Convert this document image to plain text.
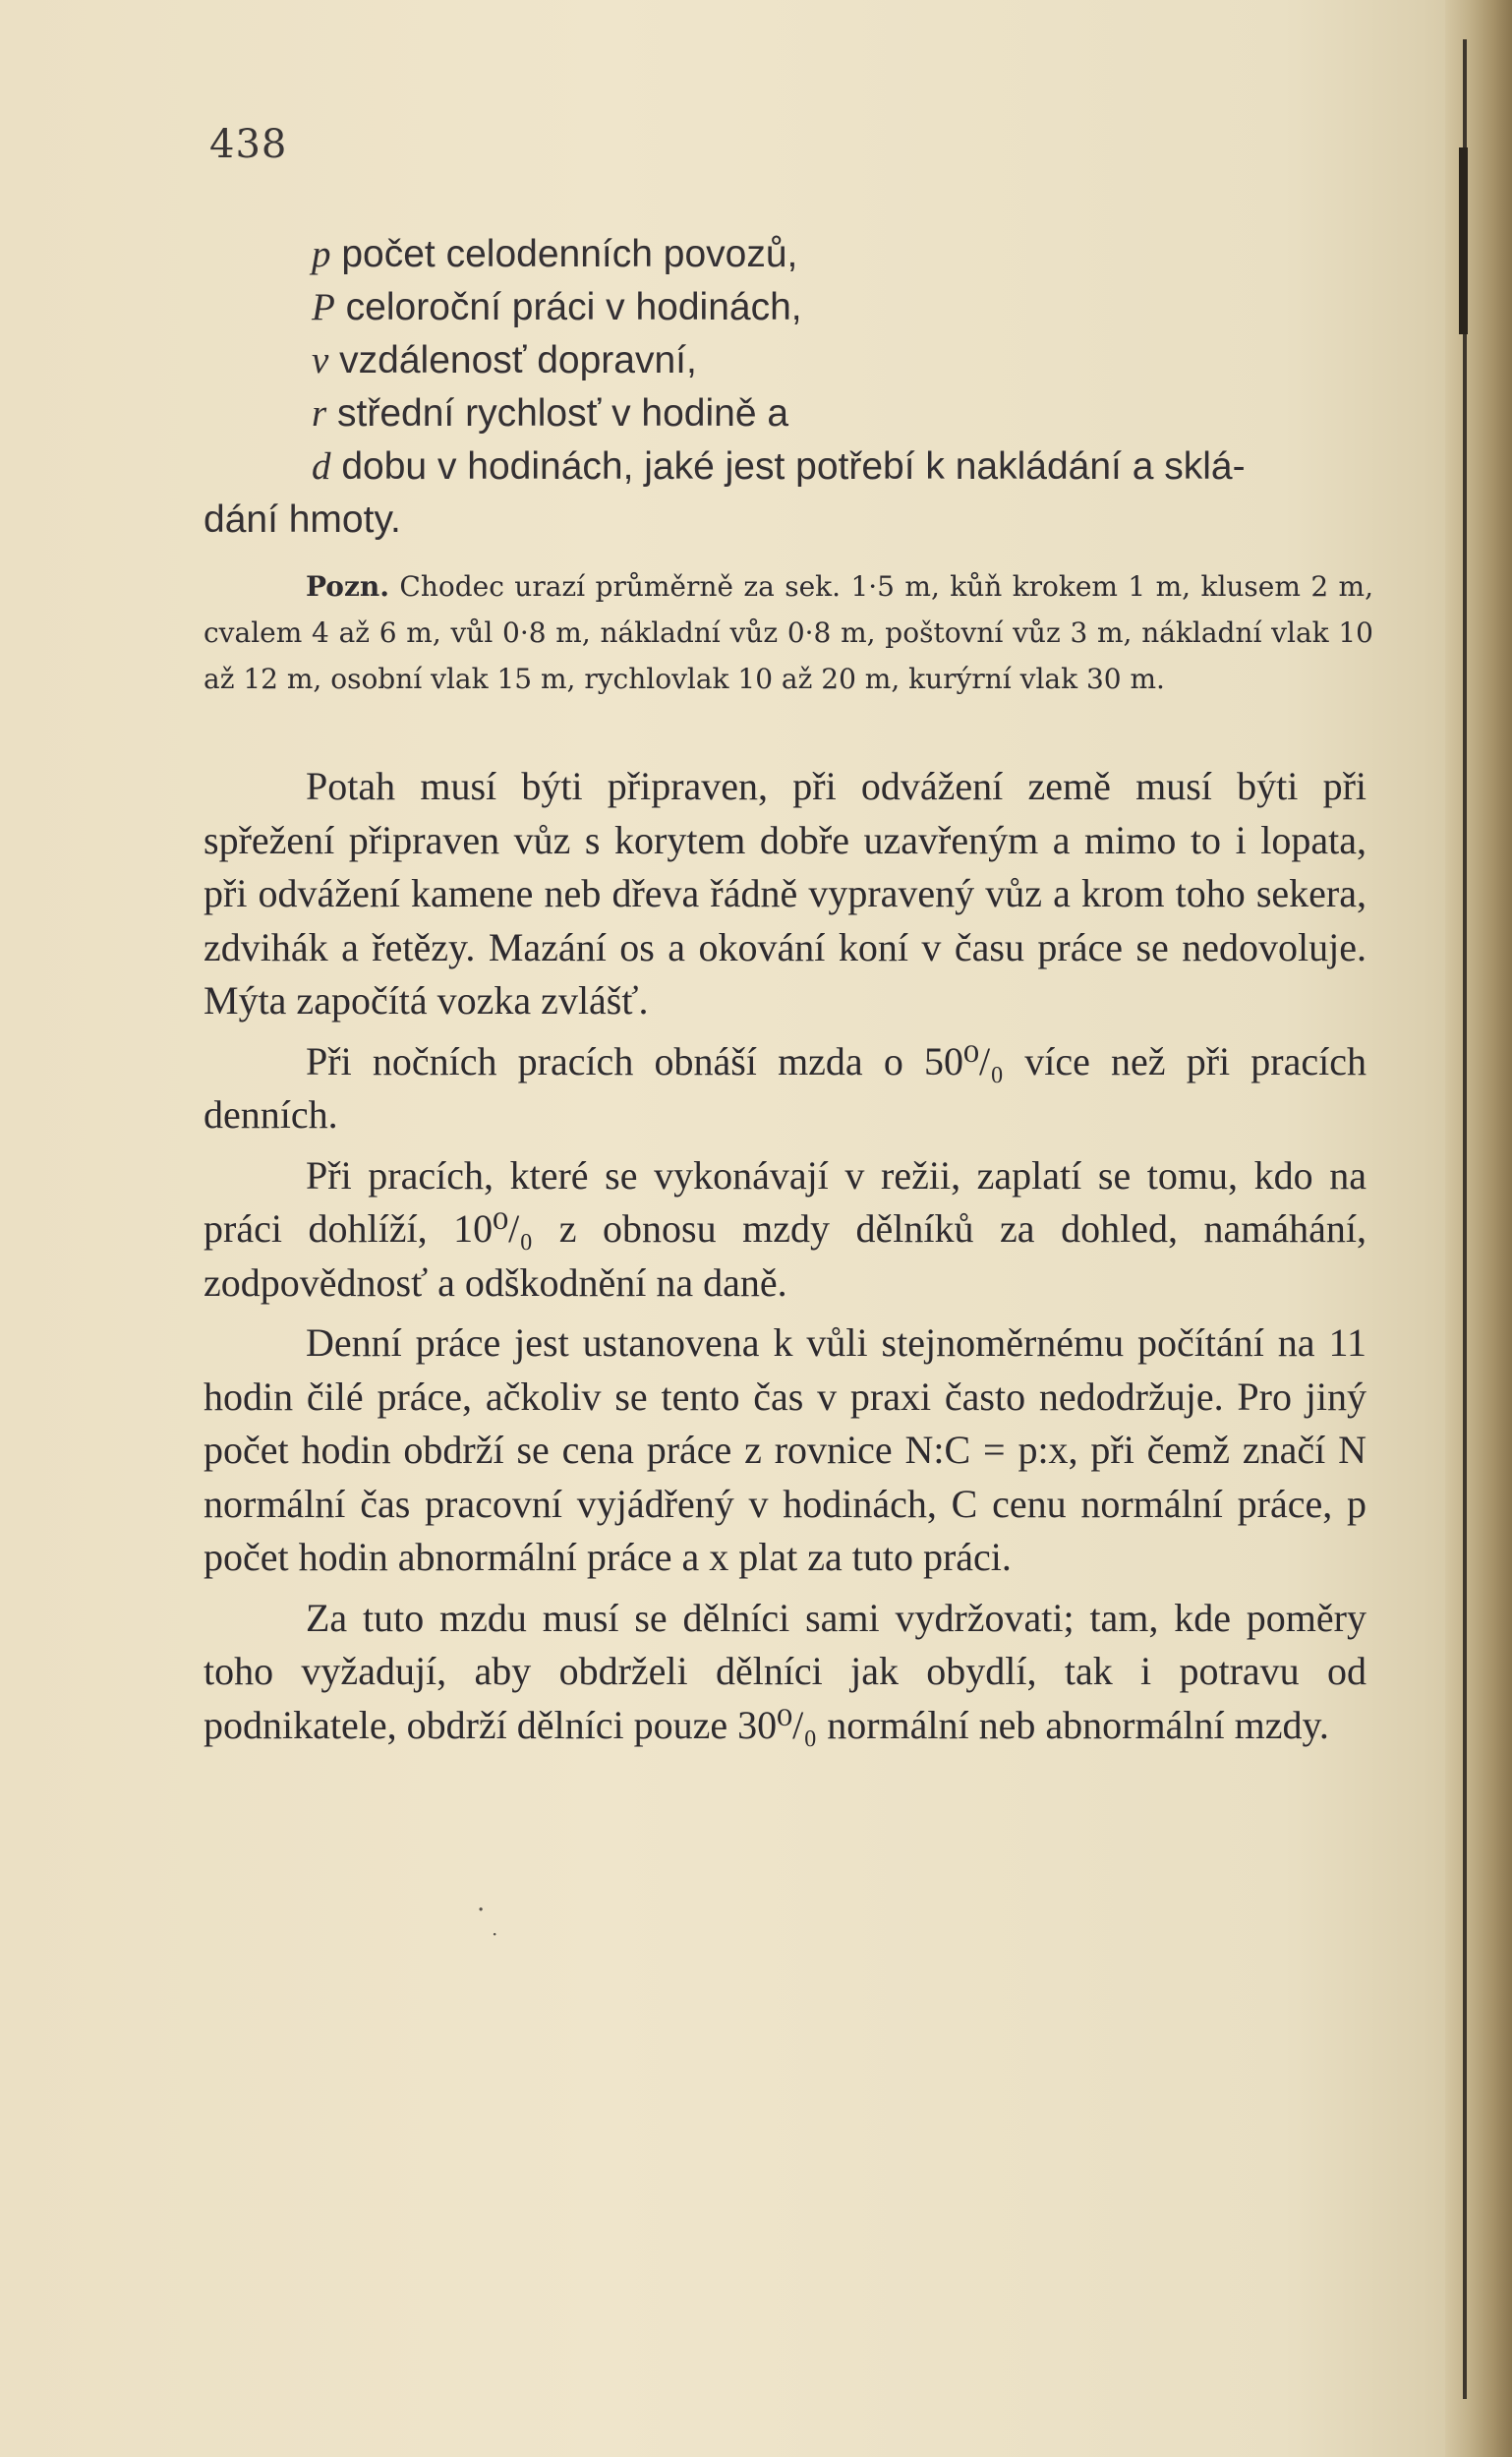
438
p počet celodenních povozů,
P celoroční práci v hodinách,
v vzdálenosť dopravní,
r střední rychlosť v hodině a
d dobu v hodinách, jaké jest potřebí k nakládání a sklá-
dání hmoty.
Pozn. Chodec urazí průměrně za sek. 1·5 m, kůň krokem 1 m, klusem 2 m, cvalem 4 až 6 m, vůl 0·8 m, nákladní vůz 0·8 m, poštovní vůz 3 m, nákladní vlak 10 až 12 m, osobní vlak 15 m, rychlovlak 10 až 20 m, kurýrní vlak 30 m.

Potah musí býti připraven, při odvážení země musí býti při spřežení připraven vůz s korytem dobře uzavřeným a mimo to i lopata, při odvážení kamene neb dřeva řádně vypravený vůz a krom toho sekera, zdvihák a řetězy. Mazání os a okování koní v času práce se nedovoluje. Mýta započítá vozka zvlášť.

Při nočních pracích obnáší mzda o 50⁰/₀ více než při pracích denních.

Při pracích, které se vykonávají v režii, zaplatí se tomu, kdo na práci dohlíží, 10⁰/₀ z obnosu mzdy dělníků za dohled, namáhání, zodpovědnosť a odškodnění na daně.

Denní práce jest ustanovena k vůli stejnoměrnému počítání na 11 hodin čilé práce, ačkoliv se tento čas v praxi často nedodržuje. Pro jiný počet hodin obdrží se cena práce z rovnice N:C = p:x, při čemž značí N normální čas pracovní vyjádřený v hodinách, C cenu normální práce, p počet hodin abnormální práce a x plat za tuto práci.

Za tuto mzdu musí se dělníci sami vydržovati; tam, kde poměry toho vyžadují, aby obdrželi dělníci jak obydlí, tak i potravu od podnikatele, obdrží dělníci pouze 30⁰/₀ normální neb abnormální mzdy.

·
·
